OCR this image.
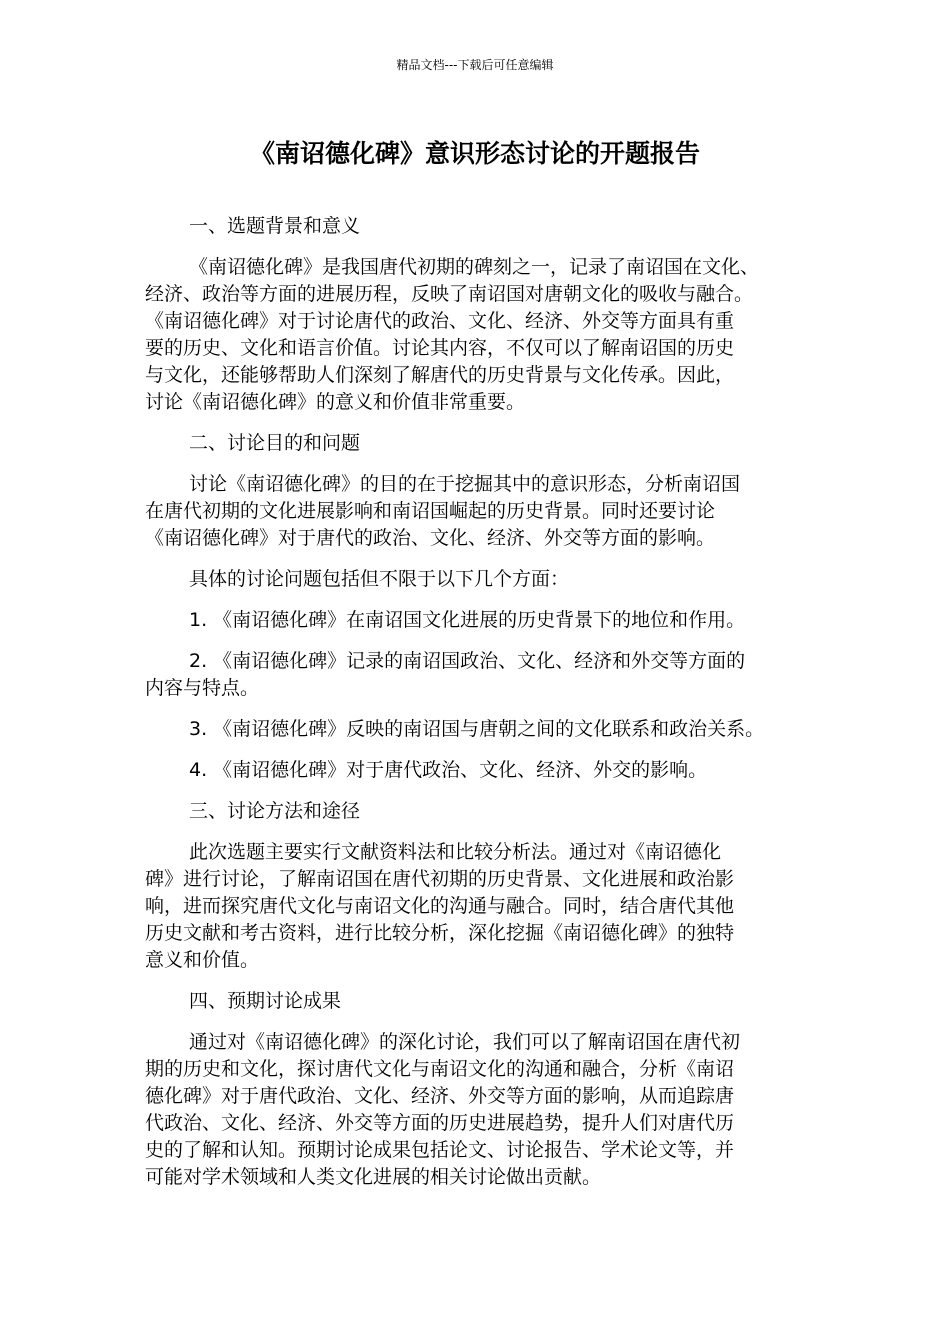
精品文档---下载后可任意编辑
《南诏德化碑》意识形态讨论的开题报告

一、选题背景和意义

《南诏德化碑》是我国唐代初期的碑刻之一，记录了南诏国在文化、
经济、政治等方面的进展历程，反映了南诏国对唐朝文化的吸收与融合。
《南诏德化碑》对于讨论唐代的政治、文化、经济、外交等方面具有重
要的历史、文化和语言价值。讨论其内容，不仅可以了解南诏国的历史
与文化，还能够帮助人们深刻了解唐代的历史背景与文化传承。因此，
讨论《南诏德化碑》的意义和价值非常重要。

二、讨论目的和问题

讨论《南诏德化碑》的目的在于挖掘其中的意识形态，分析南诏国
在唐代初期的文化进展影响和南诏国崛起的历史背景。同时还要讨论
《南诏德化碑》对于唐代的政治、文化、经济、外交等方面的影响。

具体的讨论问题包括但不限于以下几个方面：

1. 《南诏德化碑》在南诏国文化进展的历史背景下的地位和作用。

2. 《南诏德化碑》记录的南诏国政治、文化、经济和外交等方面的
内容与特点。

3. 《南诏德化碑》反映的南诏国与唐朝之间的文化联系和政治关系。

4. 《南诏德化碑》对于唐代政治、文化、经济、外交的影响。

三、讨论方法和途径

此次选题主要实行文献资料法和比较分析法。通过对《南诏德化
碑》进行讨论，了解南诏国在唐代初期的历史背景、文化进展和政治影
响，进而探究唐代文化与南诏文化的沟通与融合。同时，结合唐代其他
历史文献和考古资料，进行比较分析，深化挖掘《南诏德化碑》的独特
意义和价值。

四、预期讨论成果

通过对《南诏德化碑》的深化讨论，我们可以了解南诏国在唐代初
期的历史和文化，探讨唐代文化与南诏文化的沟通和融合，分析《南诏
德化碑》对于唐代政治、文化、经济、外交等方面的影响，从而追踪唐
代政治、文化、经济、外交等方面的历史进展趋势，提升人们对唐代历
史的了解和认知。预期讨论成果包括论文、讨论报告、学术论文等，并
可能对学术领域和人类文化进展的相关讨论做出贡献。
